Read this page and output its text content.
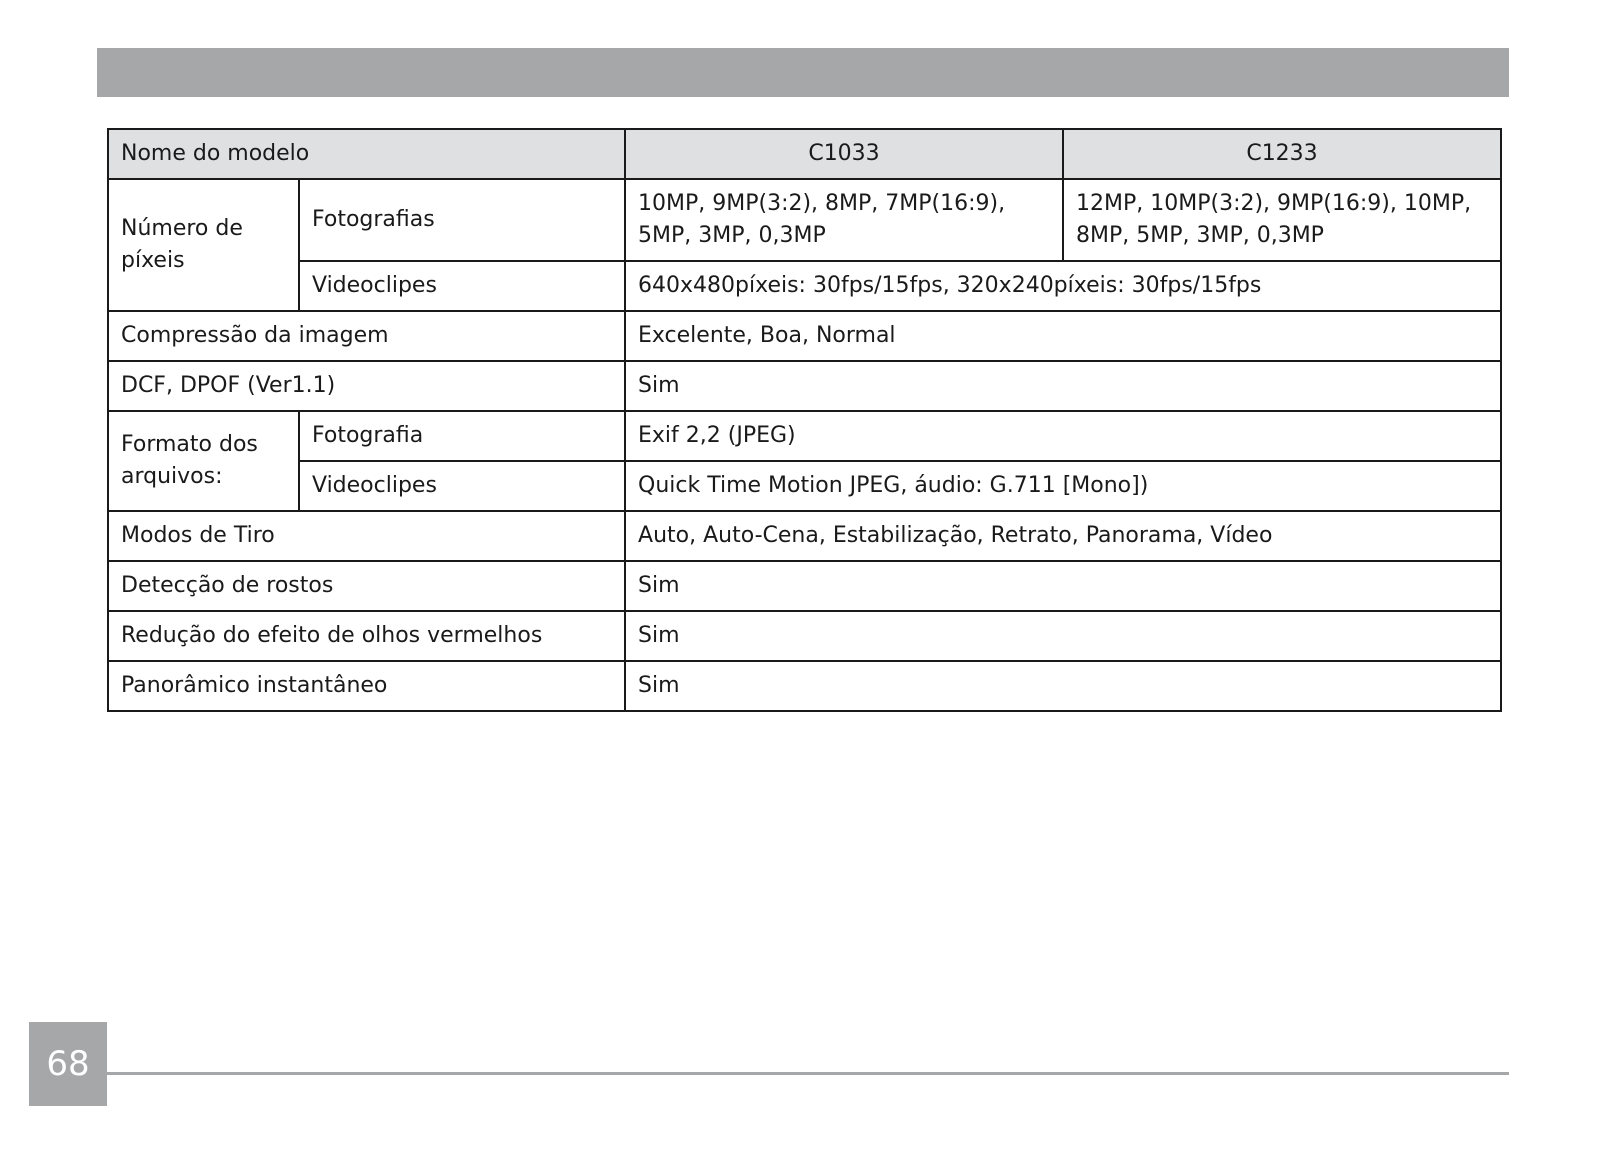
Nome do modelo		C1033	C1233
Número de píxeis	Fotografias	10MP, 9MP(3:2), 8MP, 7MP(16:9), 5MP, 3MP, 0,3MP	12MP, 10MP(3:2), 9MP(16:9), 10MP, 8MP, 5MP, 3MP, 0,3MP
	Videoclipes	640x480píxeis: 30fps/15fps, 320x240píxeis: 30fps/15fps	
Compressão da imagem		Excelente, Boa, Normal	
DCF, DPOF (Ver1.1)		Sim	
Formato dos arquivos:	Fotografia	Exif 2,2 (JPEG)	
	Videoclipes	Quick Time Motion JPEG, áudio: G.711 [Mono])	
Modos de Tiro		Auto, Auto-Cena, Estabilização, Retrato, Panorama, Vídeo	
Detecção de rostos		Sim	
Redução do efeito de olhos vermelhos		Sim	
Panorâmico instantâneo		Sim	
68
